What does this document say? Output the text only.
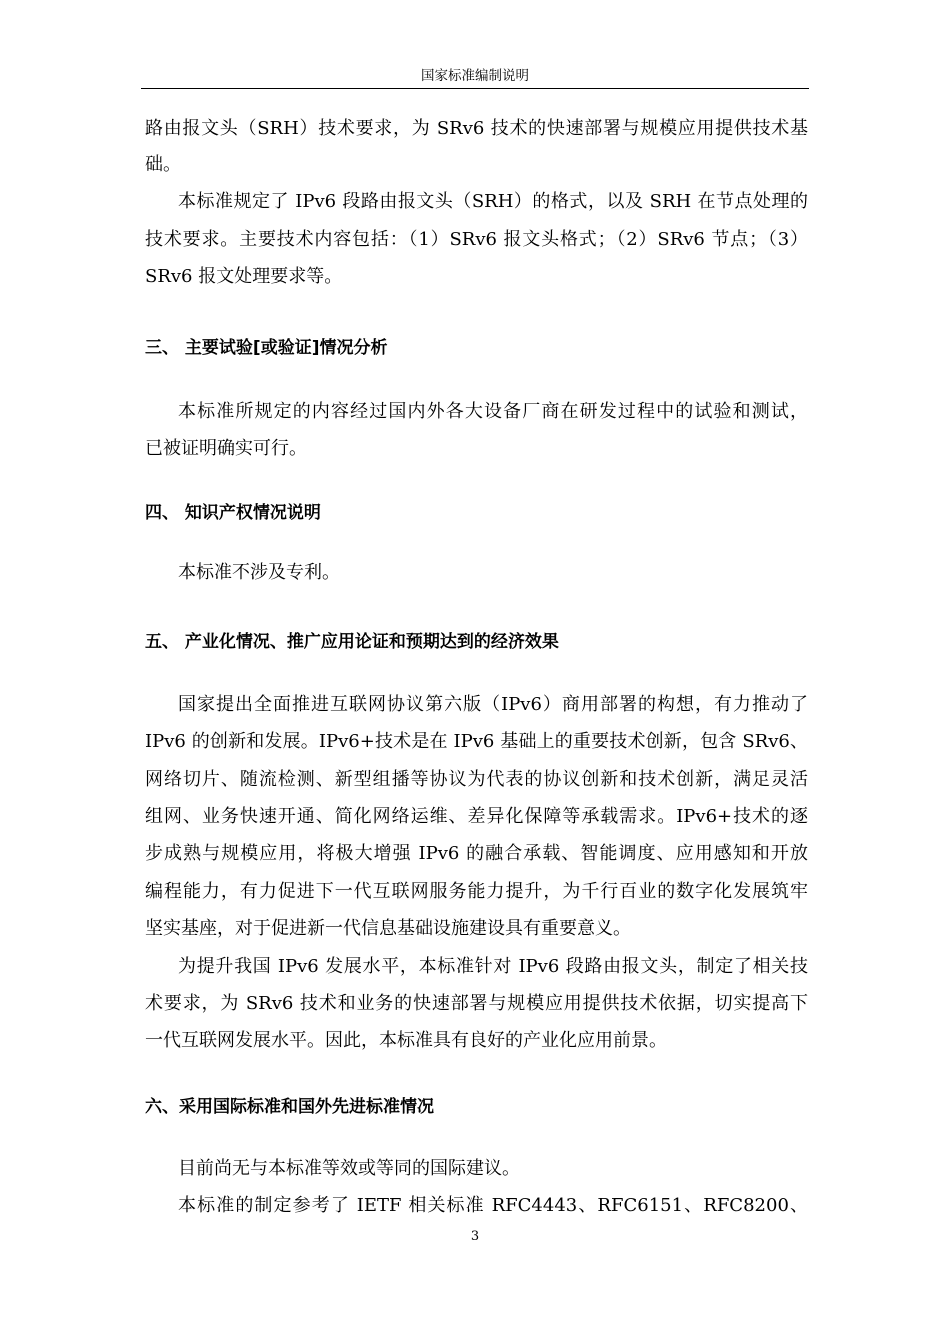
国家标准编制说明
路由报文头（SRH）技术要求，为 SRv6 技术的快速部署与规模应用提供技术基
础。
本标准规定了 IPv6 段路由报文头（SRH）的格式，以及 SRH 在节点处理的
技术要求。主要技术内容包括：（1）SRv6 报文头格式；（2）SRv6 节点；（3）
SRv6 报文处理要求等。
三、 主要试验[或验证]情况分析
本标准所规定的内容经过国内外各大设备厂商在研发过程中的试验和测试，
已被证明确实可行。
四、 知识产权情况说明
本标准不涉及专利。
五、 产业化情况、推广应用论证和预期达到的经济效果
国家提出全面推进互联网协议第六版（IPv6）商用部署的构想，有力推动了
IPv6 的创新和发展。IPv6+技术是在 IPv6 基础上的重要技术创新，包含 SRv6、
网络切片、随流检测、新型组播等协议为代表的协议创新和技术创新，满足灵活
组网、业务快速开通、简化网络运维、差异化保障等承载需求。IPv6+技术的逐
步成熟与规模应用，将极大增强 IPv6 的融合承载、智能调度、应用感知和开放
编程能力，有力促进下一代互联网服务能力提升，为千行百业的数字化发展筑牢
坚实基座，对于促进新一代信息基础设施建设具有重要意义。
为提升我国 IPv6 发展水平，本标准针对 IPv6 段路由报文头，制定了相关技
术要求，为 SRv6 技术和业务的快速部署与规模应用提供技术依据，切实提高下
一代互联网发展水平。因此，本标准具有良好的产业化应用前景。
六、采用国际标准和国外先进标准情况
目前尚无与本标准等效或等同的国际建议。
本标准的制定参考了 IETF 相关标准 RFC4443、RFC6151、RFC8200、
3
